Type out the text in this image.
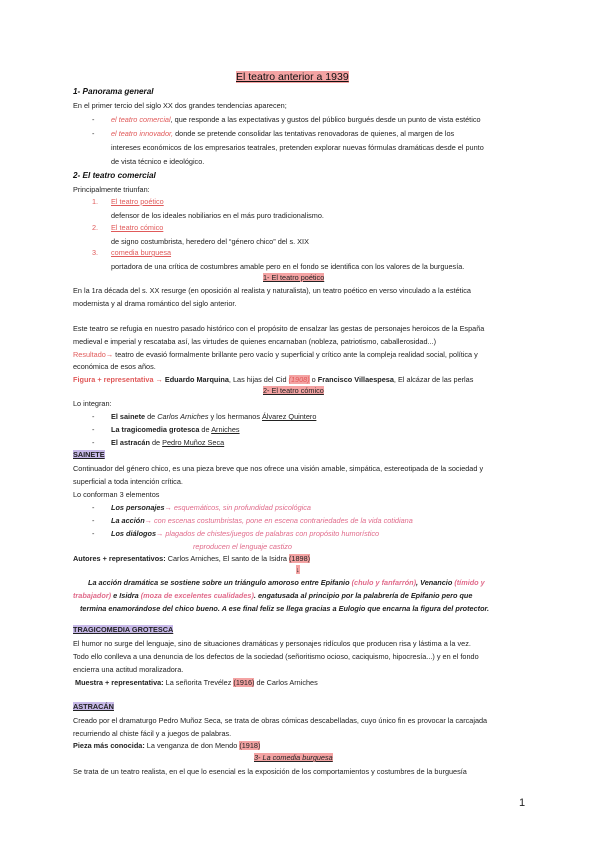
El teatro anterior a 1939
1- Panorama general
En el primer tercio del siglo XX dos grandes tendencias aparecen;
- el teatro comercial, que responde a las expectativas y gustos del público burgués desde un punto de vista estético
- el teatro innovador, donde se pretende consolidar las tentativas renovadoras de quienes, al margen de los
intereses económicos de los empresarios teatrales, pretenden explorar nuevas fórmulas dramáticas desde el punto
de vista técnico e ideológico.
2- El teatro comercial
Principalmente triunfan:
1. El teatro poético
defensor de los ideales nobiliarios en el más puro tradicionalismo.
2. El teatro cómico
de signo costumbrista, heredero del “género chico” del s. XIX
3. comedia burguesa
portadora de una crítica de costumbres amable pero en el fondo se identifica con los valores de la burguesía.
1- El teatro poético
En la 1ra década del s. XX resurge (en oposición al realista y naturalista), un teatro poético en verso vinculado a la estética
modernista y al drama romántico del siglo anterior.
Este teatro se refugia en nuestro pasado histórico con el propósito de ensalzar las gestas de personajes heroicos de la España
medieval e imperial y rescataba así, las virtudes de quienes encarnaban (nobleza, patriotismo, caballerosidad...)
Resultado→ teatro de evasió formalmente brillante pero vacío y superficial y crítico ante la compleja realidad social, política y
económica de esos años.
Figura + representativa → Eduardo Marquina, Las hijas del Cid (1908) o Francisco Villaespesa, El alcázar de las perlas
2- El teatro cómico
Lo integran:
- El sainete de Carlos Arniches y los hermanos Álvarez Quintero
- La tragicomedia grotesca de Arniches
- El astracán de Pedro Muñoz Seca
SAINETE
Continuador del género chico, es una pieza breve que nos ofrece una visión amable, simpática, estereotipada de la sociedad y
superficial a toda intención crítica.
Lo conforman 3 elementos
- Los personajes→ esquemáticos, sin profundidad psicológica
- La acción→ con escenas costumbristas, pone en escena contrariedades de la vida cotidiana
- Los diálogos→ plagados de chistes/juegos de palabras con propósito humorístico
reproducen el lenguaje castizo
Autores + representativos: Carlos Arniches, El santo de la Isidra (1898)
↓
La acción dramática se sostiene sobre un triángulo amoroso entre Epifanio (chulo y fanfarrón), Venancio (tímido y
trabajador) e Isidra (moza de excelentes cualidades). engatusada al principio por la palabrería de Epifanio pero que
termina enamorándose del chico bueno. A ese final feliz se llega gracias a Eulogio que encarna la figura del protector.
TRAGICOMEDIA GROTESCA
El humor no surge del lenguaje, sino de situaciones dramáticas y personajes ridículos que producen risa y lástima a la vez.
Todo ello conlleva a una denuncia de los defectos de la sociedad (señoritismo ocioso, caciquismo, hipocresía...) y en el fondo
encierra una actitud moralizadora.
Muestra + representativa: La señorita Trevélez (1916) de Carlos Arniches
ASTRACÁN
Creado por el dramaturgo Pedro Muñoz Seca, se trata de obras cómicas descabelladas, cuyo único fin es provocar la carcajada
recurriendo al chiste fácil y a juegos de palabras.
Pieza más conocida: La venganza de don Mendo (1918)
3- La comedia burguesa
Se trata de un teatro realista, en el que lo esencial es la exposición de los comportamientos y costumbres de la burguesía
1
